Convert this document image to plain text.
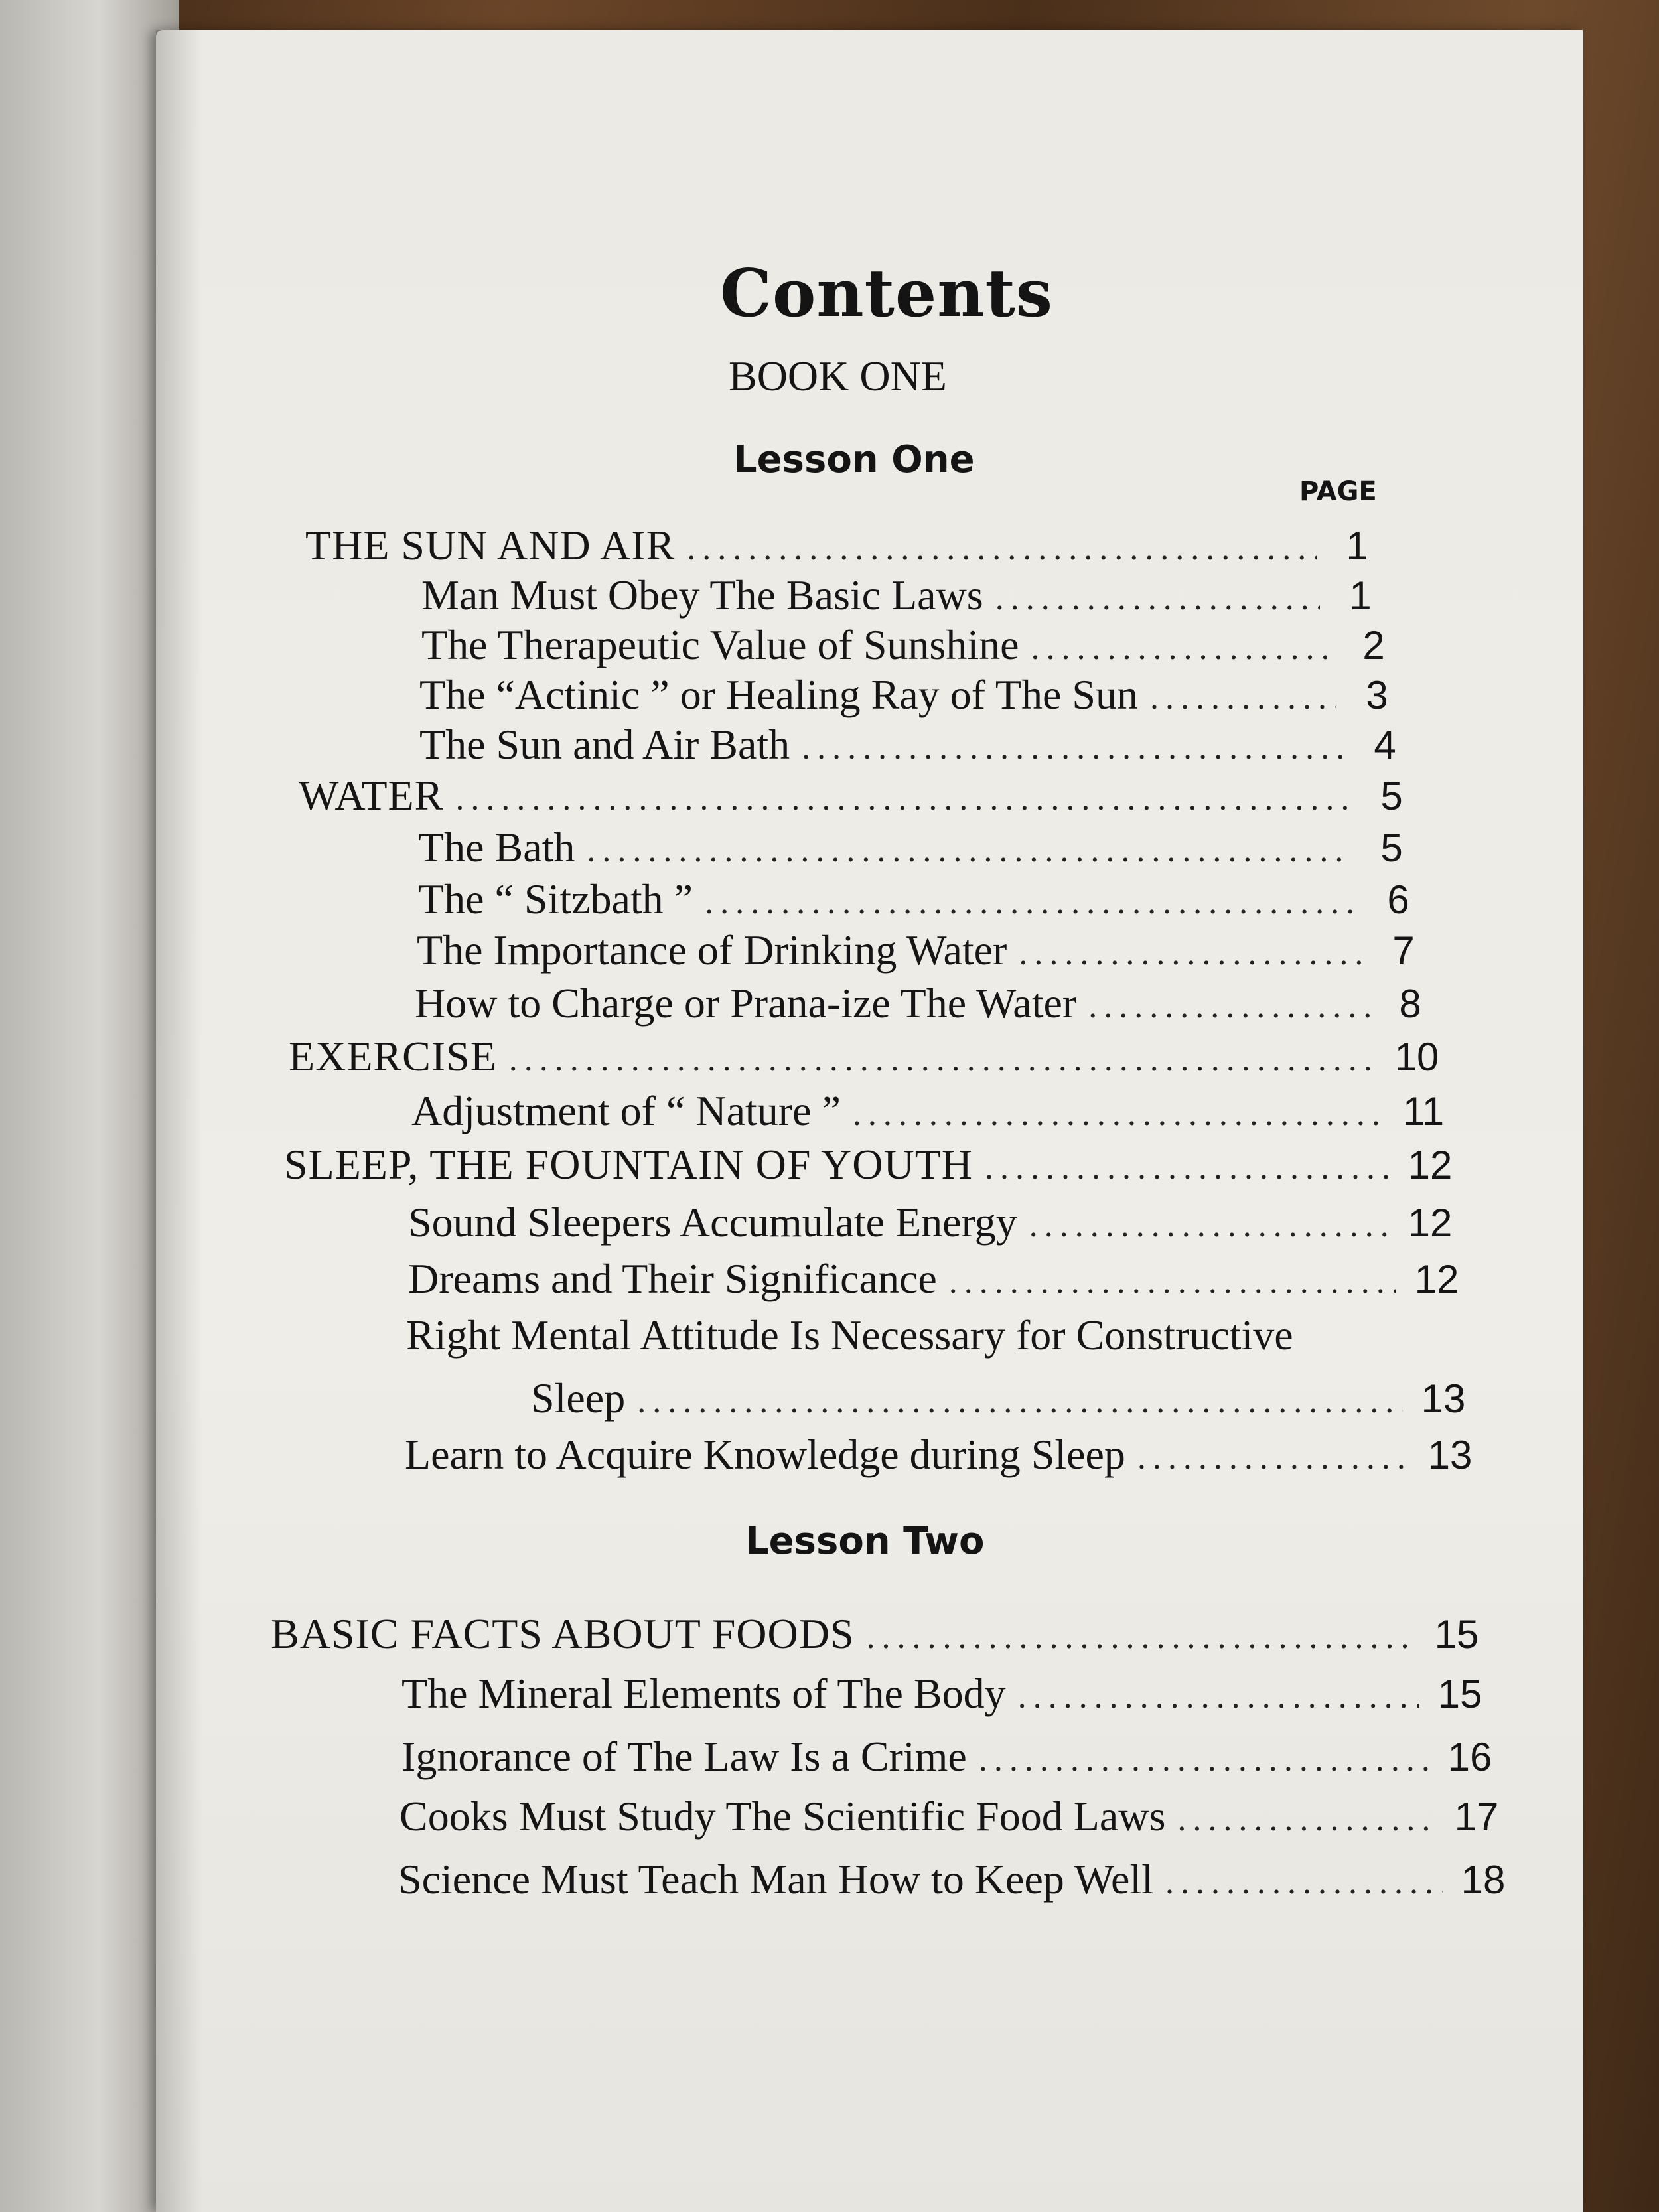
Contents
BOOK ONE
Lesson One
PAGE
THE SUN AND AIR .....	1
Man Must Obey The Basic Laws .....	1
The Therapeutic Value of Sunshine .....	2
The “Actinic ” or Healing Ray of The Sun .....	3
The Sun and Air Bath .....	4
WATER .....	5
The Bath .....	5
The “ Sitzbath ” .....	6
The Importance of Drinking Water .....	7
How to Charge or Prana-ize The Water .....	8
EXERCISE .....	10
Adjustment of “ Nature ” .....	11
SLEEP, THE FOUNTAIN OF YOUTH .....	12
Sound Sleepers Accumulate Energy .....	12
Dreams and Their Significance .....	12
Right Mental Attitude Is Necessary for Constructive
Sleep .....	13
Learn to Acquire Knowledge during Sleep .....	13
Lesson Two
BASIC FACTS ABOUT FOODS .....	15
The Mineral Elements of The Body .....	15
Ignorance of The Law Is a Crime .....	16
Cooks Must Study The Scientific Food Laws .....	17
Science Must Teach Man How to Keep Well .....	18
